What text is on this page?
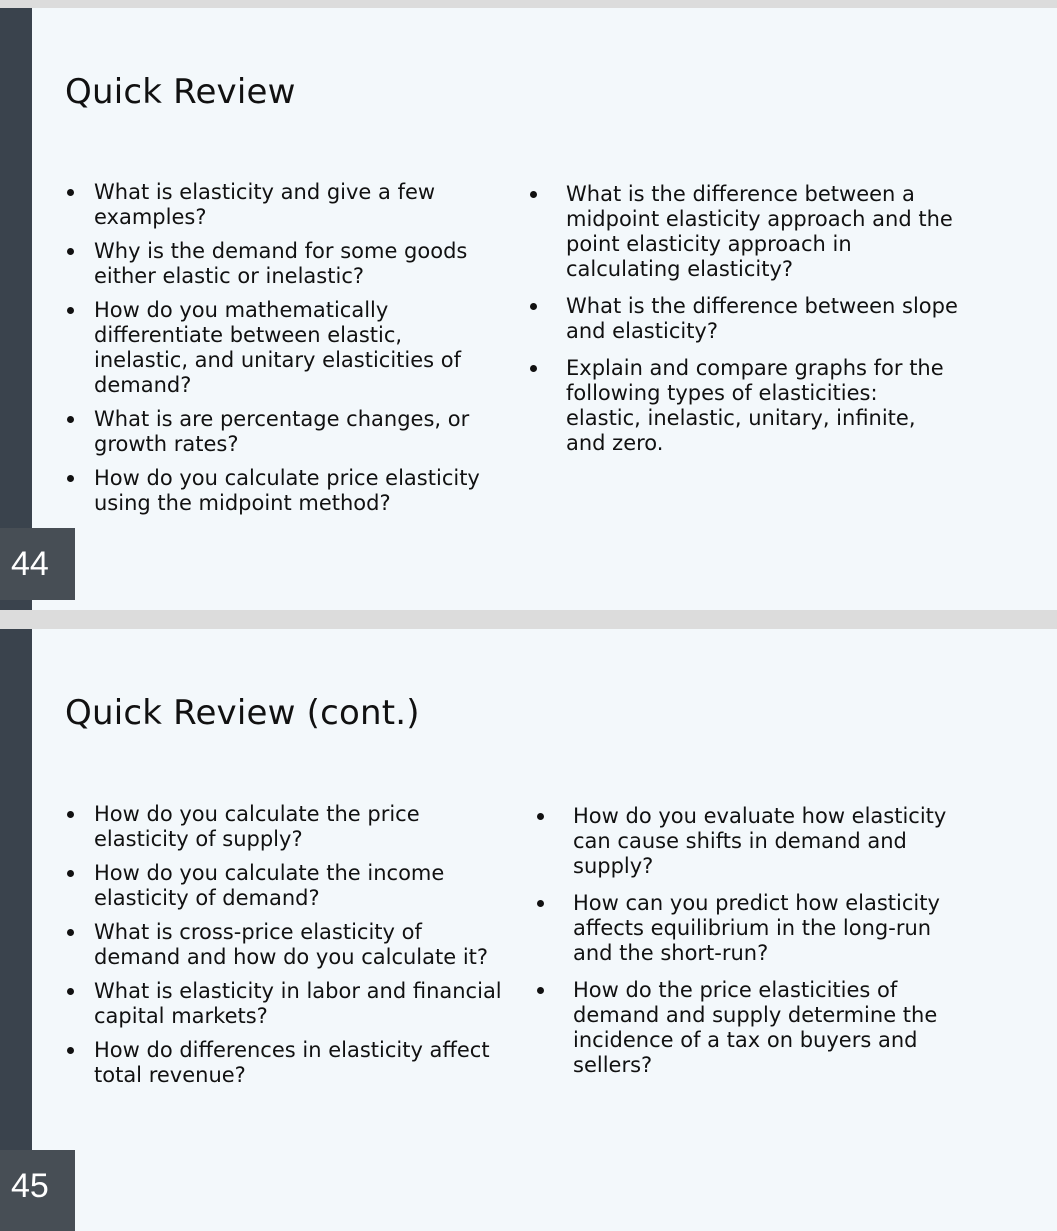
Quick Review
What is elasticity and give a few examples?
Why is the demand for some goods either elastic or inelastic?
How do you mathematically differentiate between elastic, inelastic, and unitary elasticities of demand?
What is are percentage changes, or growth rates?
How do you calculate price elasticity using the midpoint method?
What is the difference between a midpoint elasticity approach and the point elasticity approach in calculating elasticity?
What is the difference between slope and elasticity?
Explain and compare graphs for the following types of elasticities: elastic, inelastic, unitary, infinite, and zero.
44
Quick Review (cont.)
How do you calculate the price elasticity of supply?
How do you calculate the income elasticity of demand?
What is cross-price elasticity of demand and how do you calculate it?
What is elasticity in labor and financial capital markets?
How do differences in elasticity affect total revenue?
How do you evaluate how elasticity can cause shifts in demand and supply?
How can you predict how elasticity affects equilibrium in the long-run and the short-run?
How do the price elasticities of demand and supply determine the incidence of a tax on buyers and sellers?
45
